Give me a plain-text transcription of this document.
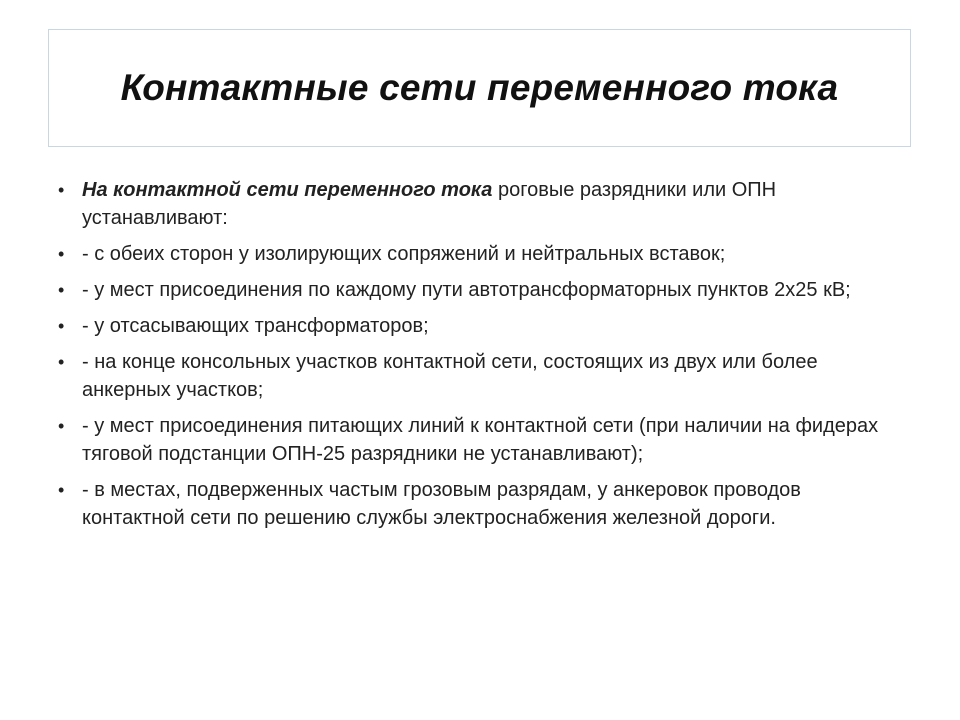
Контактные сети переменного тока
• На контактной сети переменного тока роговые разрядники или ОПН устанавливают:
• - с обеих сторон у изолирующих сопряжений и нейтральных вставок;
• - у мест присоединения по каждому пути автотрансформаторных пунктов 2х25 кВ;
• - у отсасывающих трансформаторов;
• - на конце консольных участков контактной сети, состоящих из двух или более анкерных участков;
• - у мест присоединения питающих линий к контактной сети (при наличии на фидерах тяговой подстанции ОПН-25 разрядники не устанавливают);
• - в местах, подверженных частым грозовым разрядам, у анкеровок проводов контактной сети по решению службы электроснабжения железной дороги.
